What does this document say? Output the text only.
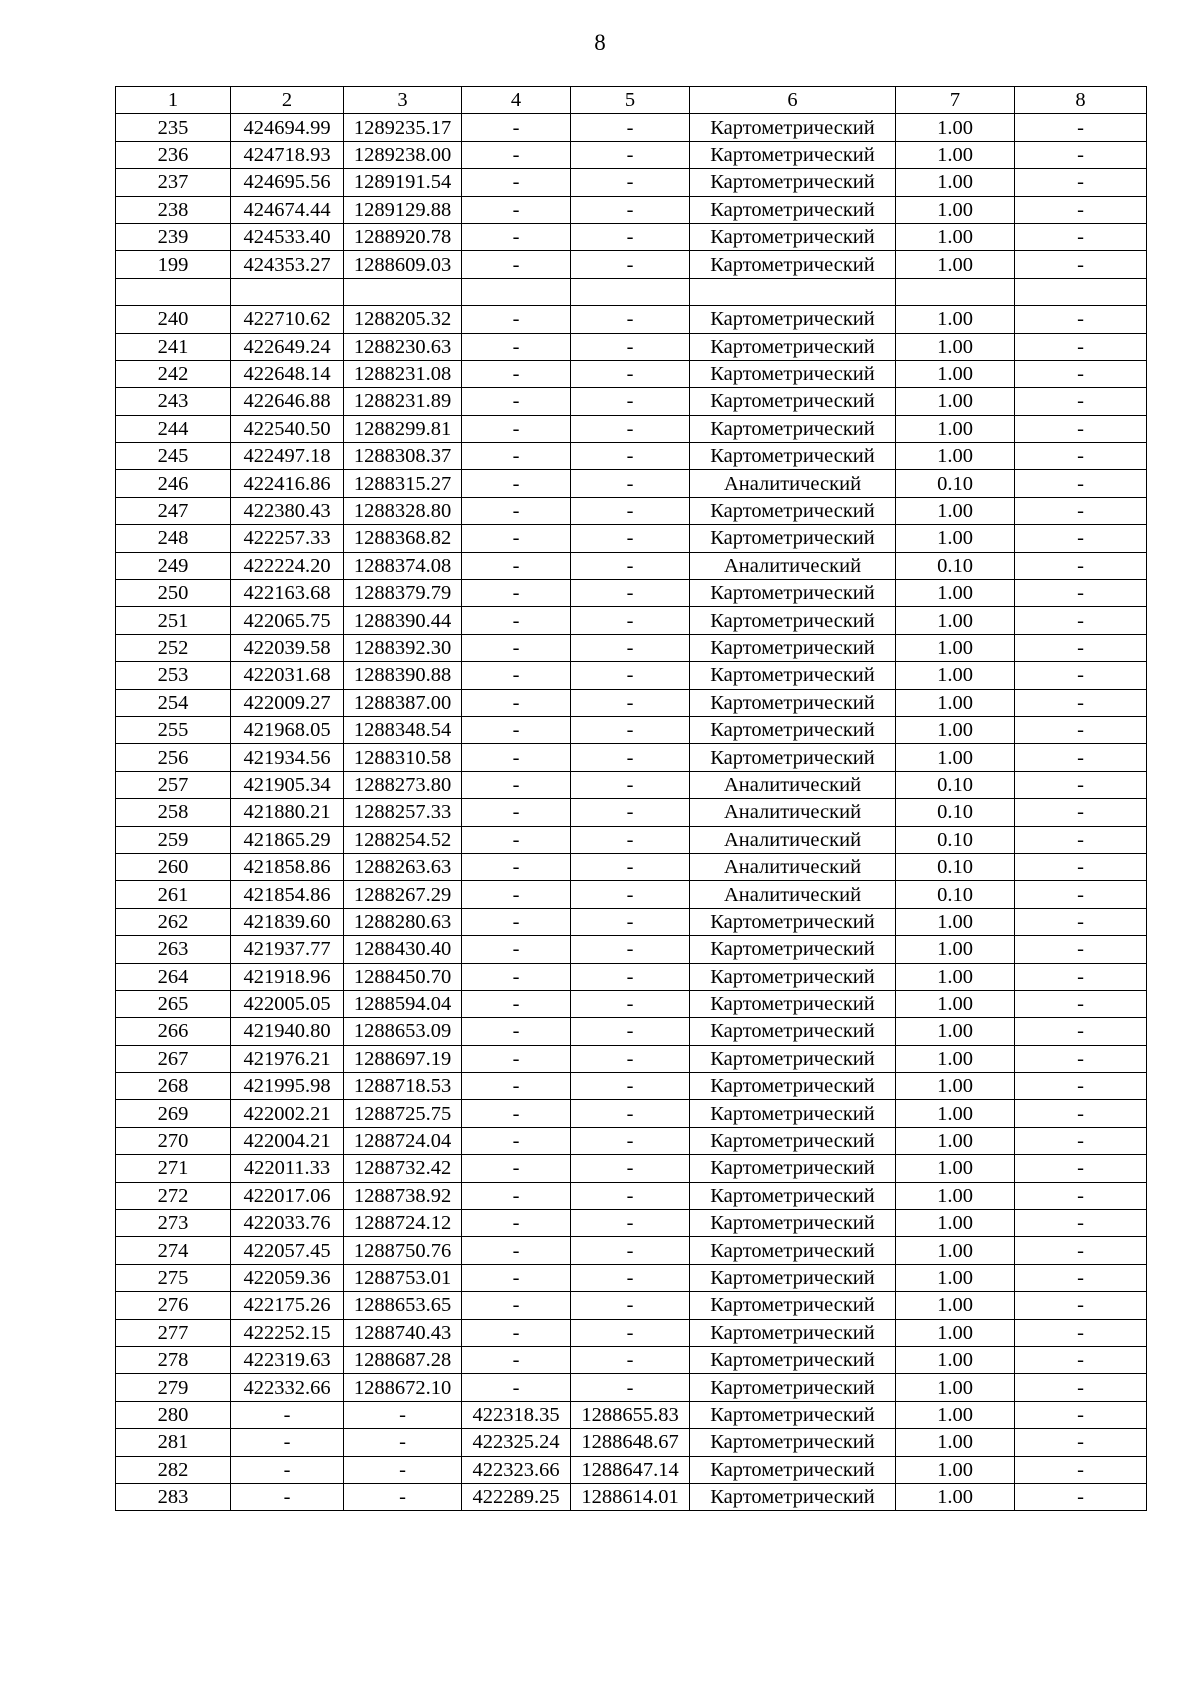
8
1	2	3	4	5	6	7	8
235	424694.99	1289235.17	-	-	Картометрический	1.00	-
236	424718.93	1289238.00	-	-	Картометрический	1.00	-
237	424695.56	1289191.54	-	-	Картометрический	1.00	-
238	424674.44	1289129.88	-	-	Картометрический	1.00	-
239	424533.40	1288920.78	-	-	Картометрический	1.00	-
199	424353.27	1288609.03	-	-	Картометрический	1.00	-

240	422710.62	1288205.32	-	-	Картометрический	1.00	-
241	422649.24	1288230.63	-	-	Картометрический	1.00	-
242	422648.14	1288231.08	-	-	Картометрический	1.00	-
243	422646.88	1288231.89	-	-	Картометрический	1.00	-
244	422540.50	1288299.81	-	-	Картометрический	1.00	-
245	422497.18	1288308.37	-	-	Картометрический	1.00	-
246	422416.86	1288315.27	-	-	Аналитический	0.10	-
247	422380.43	1288328.80	-	-	Картометрический	1.00	-
248	422257.33	1288368.82	-	-	Картометрический	1.00	-
249	422224.20	1288374.08	-	-	Аналитический	0.10	-
250	422163.68	1288379.79	-	-	Картометрический	1.00	-
251	422065.75	1288390.44	-	-	Картометрический	1.00	-
252	422039.58	1288392.30	-	-	Картометрический	1.00	-
253	422031.68	1288390.88	-	-	Картометрический	1.00	-
254	422009.27	1288387.00	-	-	Картометрический	1.00	-
255	421968.05	1288348.54	-	-	Картометрический	1.00	-
256	421934.56	1288310.58	-	-	Картометрический	1.00	-
257	421905.34	1288273.80	-	-	Аналитический	0.10	-
258	421880.21	1288257.33	-	-	Аналитический	0.10	-
259	421865.29	1288254.52	-	-	Аналитический	0.10	-
260	421858.86	1288263.63	-	-	Аналитический	0.10	-
261	421854.86	1288267.29	-	-	Аналитический	0.10	-
262	421839.60	1288280.63	-	-	Картометрический	1.00	-
263	421937.77	1288430.40	-	-	Картометрический	1.00	-
264	421918.96	1288450.70	-	-	Картометрический	1.00	-
265	422005.05	1288594.04	-	-	Картометрический	1.00	-
266	421940.80	1288653.09	-	-	Картометрический	1.00	-
267	421976.21	1288697.19	-	-	Картометрический	1.00	-
268	421995.98	1288718.53	-	-	Картометрический	1.00	-
269	422002.21	1288725.75	-	-	Картометрический	1.00	-
270	422004.21	1288724.04	-	-	Картометрический	1.00	-
271	422011.33	1288732.42	-	-	Картометрический	1.00	-
272	422017.06	1288738.92	-	-	Картометрический	1.00	-
273	422033.76	1288724.12	-	-	Картометрический	1.00	-
274	422057.45	1288750.76	-	-	Картометрический	1.00	-
275	422059.36	1288753.01	-	-	Картометрический	1.00	-
276	422175.26	1288653.65	-	-	Картометрический	1.00	-
277	422252.15	1288740.43	-	-	Картометрический	1.00	-
278	422319.63	1288687.28	-	-	Картометрический	1.00	-
279	422332.66	1288672.10	-	-	Картометрический	1.00	-
280	-	-	422318.35	1288655.83	Картометрический	1.00	-
281	-	-	422325.24	1288648.67	Картометрический	1.00	-
282	-	-	422323.66	1288647.14	Картометрический	1.00	-
283	-	-	422289.25	1288614.01	Картометрический	1.00	-
